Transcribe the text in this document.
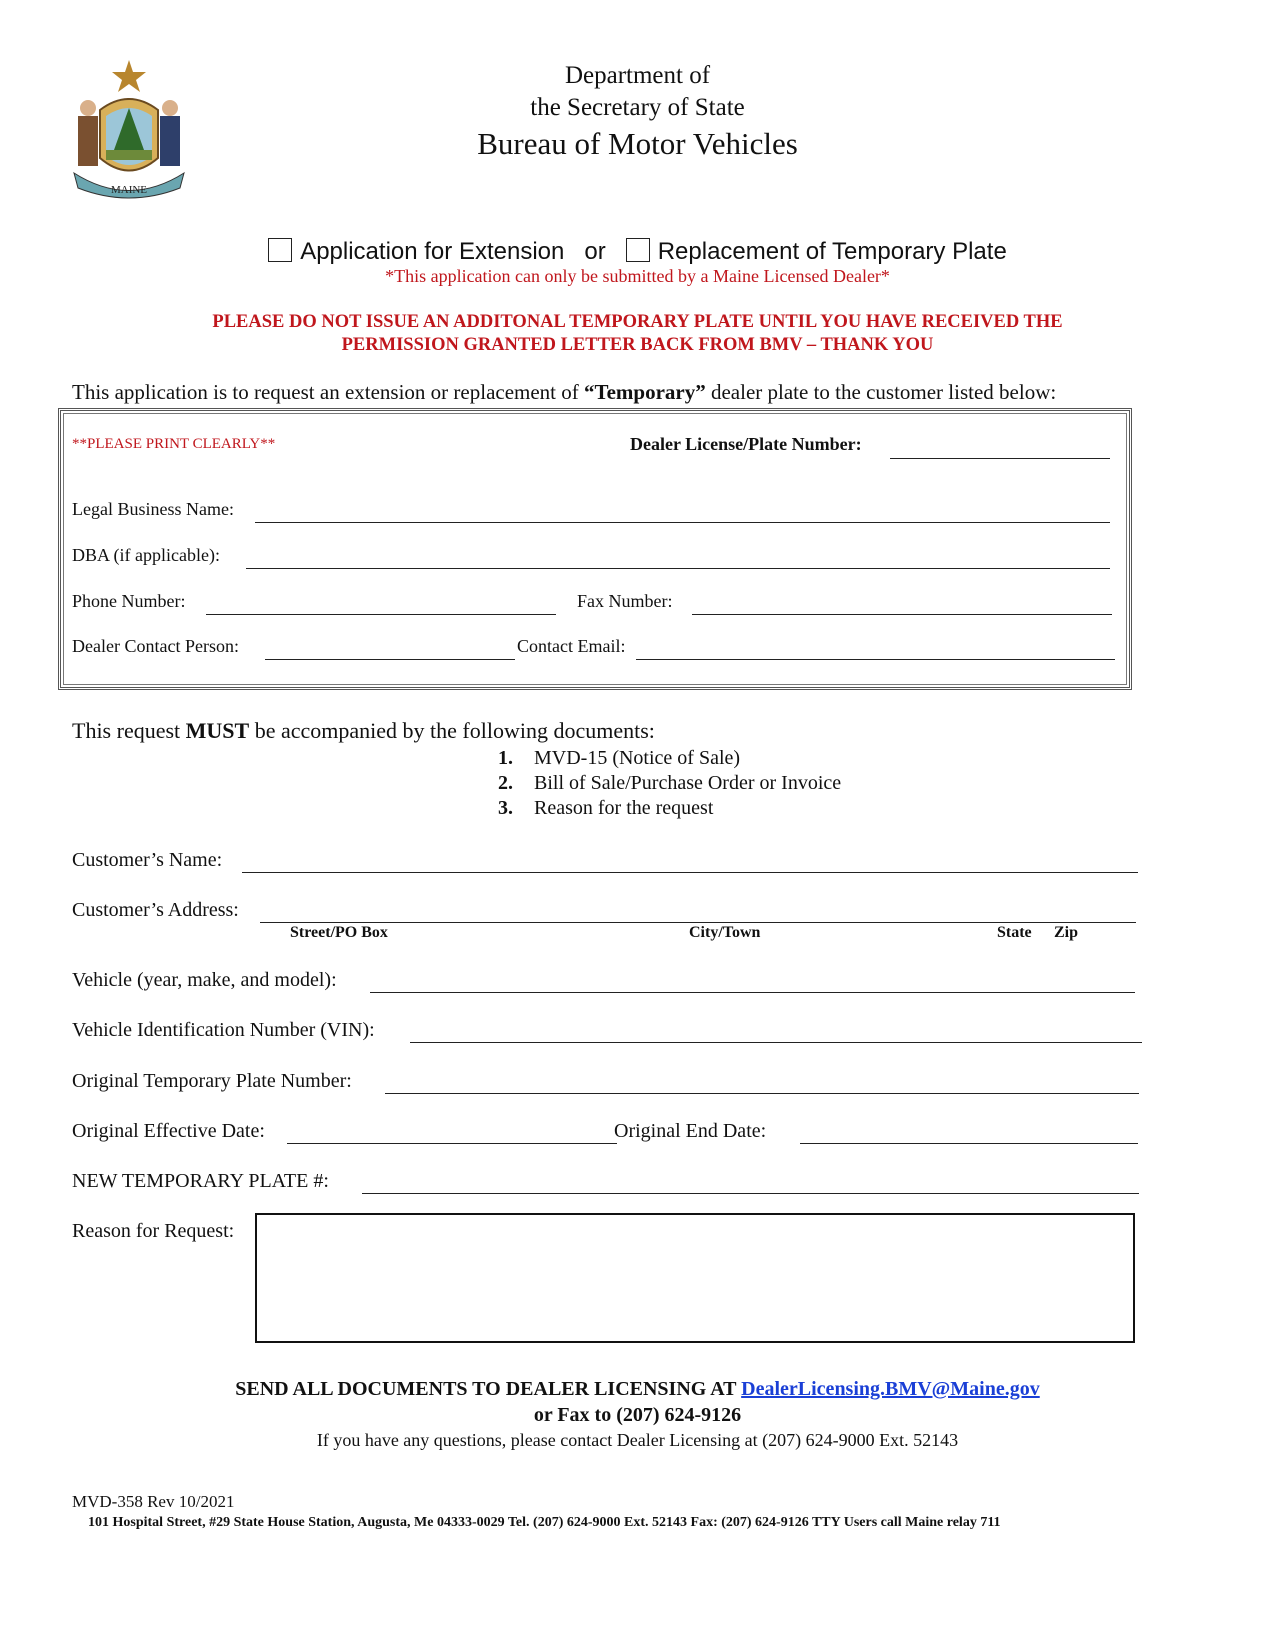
MAINE
Department of
the Secretary of State
Bureau of Motor Vehicles
Application for Extension or Replacement of Temporary Plate
*This application can only be submitted by a Maine Licensed Dealer*
PLEASE DO NOT ISSUE AN ADDITONAL TEMPORARY PLATE UNTIL YOU HAVE RECEIVED THE
PERMISSION GRANTED LETTER BACK FROM BMV – THANK YOU
This application is to request an extension or replacement of “Temporary” dealer plate to the customer listed below:
**PLEASE PRINT CLEARLY**	Dealer License/Plate Number:
Legal Business Name:
DBA (if applicable):
Phone Number:	Fax Number:
Dealer Contact Person:	Contact Email:
This request MUST be accompanied by the following documents:
1. MVD-15 (Notice of Sale)
2. Bill of Sale/Purchase Order or Invoice
3. Reason for the request
Customer’s Name:
Customer’s Address:
Street/PO Box	City/Town	State Zip
Vehicle (year, make, and model):
Vehicle Identification Number (VIN):
Original Temporary Plate Number:
Original Effective Date:	Original End Date:
NEW TEMPORARY PLATE #:
Reason for Request:
SEND ALL DOCUMENTS TO DEALER LICENSING AT DealerLicensing.BMV@Maine.gov
or Fax to (207) 624-9126
If you have any questions, please contact Dealer Licensing at (207) 624-9000 Ext. 52143
MVD-358 Rev 10/2021
101 Hospital Street, #29 State House Station, Augusta, Me 04333-0029 Tel. (207) 624-9000 Ext. 52143 Fax: (207) 624-9126 TTY Users call Maine relay 711
